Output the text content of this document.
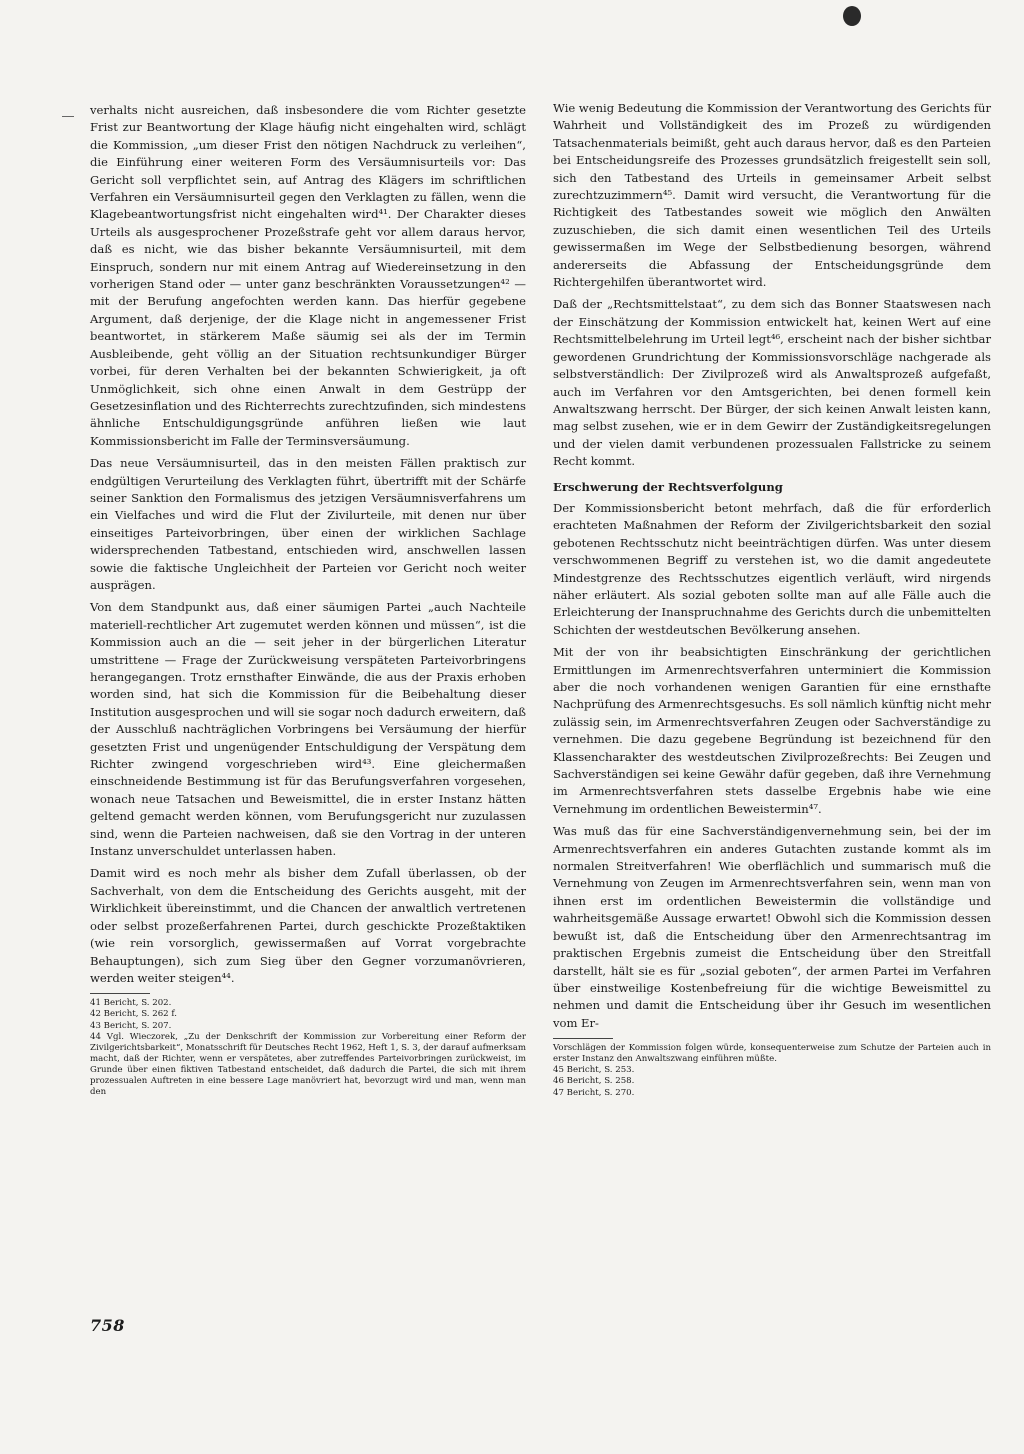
verhalts nicht ausreichen, daß insbesondere die vom Richter gesetzte Frist zur Beantwortung der Klage häufig nicht eingehalten wird, schlägt die Kommission, „um dieser Frist den nötigen Nachdruck zu verleihen“, die Einführung einer weiteren Form des Versäumnisurteils vor: Das Gericht soll verpflichtet sein, auf Antrag des Klägers im schriftlichen Verfahren ein Versäumnisurteil gegen den Verklagten zu fällen, wenn die Klagebeantwortungsfrist nicht eingehalten wird⁴¹. Der Charakter dieses Urteils als ausgesprochener Prozeßstrafe geht vor allem daraus hervor, daß es nicht, wie das bisher bekannte Versäumnisurteil, mit dem Einspruch, sondern nur mit einem Antrag auf Wiedereinsetzung in den vorherigen Stand oder — unter ganz beschränkten Voraussetzungen⁴² — mit der Berufung angefochten werden kann. Das hierfür gegebene Argument, daß derjenige, der die Klage nicht in angemessener Frist beantwortet, in stärkerem Maße säumig sei als der im Termin Ausbleibende, geht völlig an der Situation rechtsunkundiger Bürger vorbei, für deren Verhalten bei der bekannten Schwierigkeit, ja oft Unmöglichkeit, sich ohne einen Anwalt in dem Gestrüpp der Gesetzesinflation und des Richterrechts zurechtzufinden, sich mindestens ähnliche Entschuldigungsgründe anführen ließen wie laut Kommissionsbericht im Falle der Terminsversäumung.

Das neue Versäumnisurteil, das in den meisten Fällen praktisch zur endgültigen Verurteilung des Verklagten führt, übertrifft mit der Schärfe seiner Sanktion den Formalismus des jetzigen Versäumnisverfahrens um ein Vielfaches und wird die Flut der Zivilurteile, mit denen nur über einseitiges Parteivorbringen, über einen der wirklichen Sachlage widersprechenden Tatbestand, entschieden wird, anschwellen lassen sowie die faktische Ungleichheit der Parteien vor Gericht noch weiter ausprägen.

Von dem Standpunkt aus, daß einer säumigen Partei „auch Nachteile materiell-rechtlicher Art zugemutet werden können und müssen“, ist die Kommission auch an die — seit jeher in der bürgerlichen Literatur umstrittene — Frage der Zurückweisung verspäteten Parteivorbringens herangegangen. Trotz ernsthafter Einwände, die aus der Praxis erhoben worden sind, hat sich die Kommission für die Beibehaltung dieser Institution ausgesprochen und will sie sogar noch dadurch erweitern, daß der Ausschluß nachträglichen Vorbringens bei Versäumung der hierfür gesetzten Frist und ungenügender Entschuldigung der Verspätung dem Richter zwingend vorgeschrieben wird⁴³. Eine gleichermaßen einschneidende Bestimmung ist für das Berufungsverfahren vorgesehen, wonach neue Tatsachen und Beweismittel, die in erster Instanz hätten geltend gemacht werden können, vom Berufungsgericht nur zuzulassen sind, wenn die Parteien nachweisen, daß sie den Vortrag in der unteren Instanz unverschuldet unterlassen haben.

Damit wird es noch mehr als bisher dem Zufall überlassen, ob der Sachverhalt, von dem die Entscheidung des Gerichts ausgeht, mit der Wirklichkeit übereinstimmt, und die Chancen der anwaltlich vertretenen oder selbst prozeßerfahrenen Partei, durch geschickte Prozeßtaktiken (wie rein vorsorglich, gewissermaßen auf Vorrat vorgebrachte Behauptungen), sich zum Sieg über den Gegner vorzumanövrieren, werden weiter steigen⁴⁴.

41 Bericht, S. 202.

42 Bericht, S. 262 f.

43 Bericht, S. 207.

44 Vgl. Wieczorek, „Zu der Denkschrift der Kommission zur Vorbereitung einer Reform der Zivilgerichtsbarkeit“, Monatsschrift für Deutsches Recht 1962, Heft 1, S. 3, der darauf aufmerksam macht, daß der Richter, wenn er verspätetes, aber zutreffendes Parteivorbringen zurückweist, im Grunde über einen fiktiven Tatbestand entscheidet, daß dadurch die Partei, die sich mit ihrem prozessualen Auftreten in eine bessere Lage manövriert hat, bevorzugt wird und man, wenn man den

Wie wenig Bedeutung die Kommission der Verantwortung des Gerichts für Wahrheit und Vollständigkeit des im Prozeß zu würdigenden Tatsachenmaterials beimißt, geht auch daraus hervor, daß es den Parteien bei Entscheidungsreife des Prozesses grundsätzlich freigestellt sein soll, sich den Tatbestand des Urteils in gemeinsamer Arbeit selbst zurechtzuzimmern⁴⁵. Damit wird versucht, die Verantwortung für die Richtigkeit des Tatbestandes soweit wie möglich den Anwälten zuzuschieben, die sich damit einen wesentlichen Teil des Urteils gewissermaßen im Wege der Selbstbedienung besorgen, während andererseits die Abfassung der Entscheidungsgründe dem Richtergehilfen überantwortet wird.

Daß der „Rechtsmittelstaat“, zu dem sich das Bonner Staatswesen nach der Einschätzung der Kommission entwickelt hat, keinen Wert auf eine Rechtsmittelbelehrung im Urteil legt⁴⁶, erscheint nach der bisher sichtbar gewordenen Grundrichtung der Kommissionsvorschläge nachgerade als selbstverständlich: Der Zivilprozeß wird als Anwaltsprozeß aufgefaßt, auch im Verfahren vor den Amtsgerichten, bei denen formell kein Anwaltszwang herrscht. Der Bürger, der sich keinen Anwalt leisten kann, mag selbst zusehen, wie er in dem Gewirr der Zuständigkeitsregelungen und der vielen damit verbundenen prozessualen Fallstricke zu seinem Recht kommt.

Erschwerung der Rechtsverfolgung

Der Kommissionsbericht betont mehrfach, daß die für erforderlich erachteten Maßnahmen der Reform der Zivilgerichtsbarkeit den sozial gebotenen Rechtsschutz nicht beeinträchtigen dürfen. Was unter diesem verschwommenen Begriff zu verstehen ist, wo die damit angedeutete Mindestgrenze des Rechtsschutzes eigentlich verläuft, wird nirgends näher erläutert. Als sozial geboten sollte man auf alle Fälle auch die Erleichterung der Inanspruchnahme des Gerichts durch die unbemittelten Schichten der westdeutschen Bevölkerung ansehen.

Mit der von ihr beabsichtigten Einschränkung der gerichtlichen Ermittlungen im Armenrechtsverfahren unterminiert die Kommission aber die noch vorhandenen wenigen Garantien für eine ernsthafte Nachprüfung des Armenrechtsgesuchs. Es soll nämlich künftig nicht mehr zulässig sein, im Armenrechtsverfahren Zeugen oder Sachverständige zu vernehmen. Die dazu gegebene Begründung ist bezeichnend für den Klassencharakter des westdeutschen Zivilprozeßrechts: Bei Zeugen und Sachverständigen sei keine Gewähr dafür gegeben, daß ihre Vernehmung im Armenrechtsverfahren stets dasselbe Ergebnis habe wie eine Vernehmung im ordentlichen Beweistermin⁴⁷.

Was muß das für eine Sachverständigenvernehmung sein, bei der im Armenrechtsverfahren ein anderes Gutachten zustande kommt als im normalen Streitverfahren! Wie oberflächlich und summarisch muß die Vernehmung von Zeugen im Armenrechtsverfahren sein, wenn man von ihnen erst im ordentlichen Beweistermin die vollständige und wahrheitsgemäße Aussage erwartet! Obwohl sich die Kommission dessen bewußt ist, daß die Entscheidung über den Armenrechtsantrag im praktischen Ergebnis zumeist die Entscheidung über den Streitfall darstellt, hält sie es für „sozial geboten“, der armen Partei im Verfahren über einstweilige Kostenbefreiung für die wichtige Beweismittel zu nehmen und damit die Entscheidung über ihr Gesuch im wesentlichen vom Er-

Vorschlägen der Kommission folgen würde, konsequenterweise zum Schutze der Parteien auch in erster Instanz den Anwaltszwang einführen müßte.

45 Bericht, S. 253.

46 Bericht, S. 258.

47 Bericht, S. 270.

758
